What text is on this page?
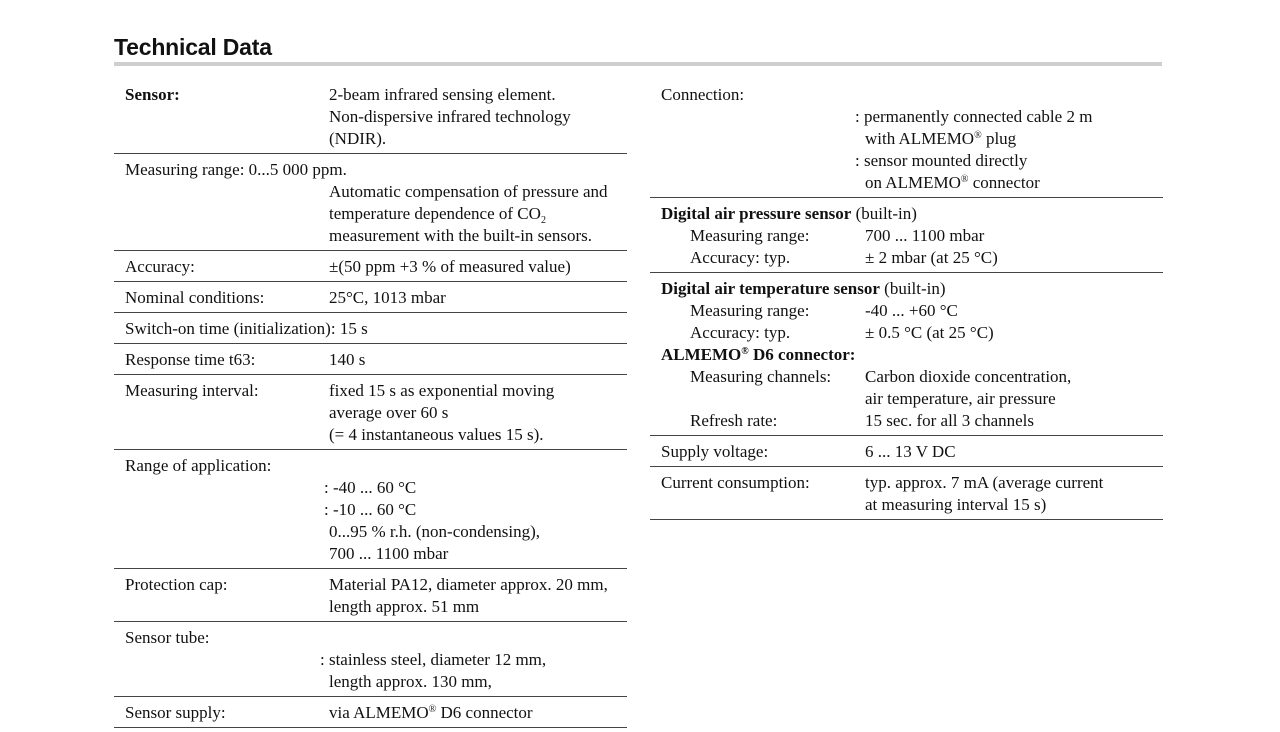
Technical Data
Sensor:	2-beam infrared sensing element.
Non-dispersive infrared technology
(NDIR).
Measuring range: 0...5 000 ppm.
Automatic compensation of pressure and
temperature dependence of $CO_2$
measurement with the built-in sensors.
Accuracy:	±(50 ppm +3 % of measured value)
Nominal conditions:	25°C, 1013 mbar
Switch-on time (initialization): 15 s
Response time t63:	140 s
Measuring interval:	fixed 15 s as exponential moving
average over 60 s
(= 4 instantaneous values 15 s).
Range of application:
: -40 ... 60 °C
: -10 ... 60 °C
0...95 % r.h. (non-condensing),
700 ... 1100 mbar
Protection cap:	Material PA12, diameter approx. 20 mm,
length approx. 51 mm
Sensor tube:
: stainless steel, diameter 12 mm,
length approx. 130 mm,
Sensor supply:	via ALMEMO® D6 connector
Connection:
: permanently connected cable 2 m
with ALMEMO® plug
: sensor mounted directly
on ALMEMO® connector
Digital air pressure sensor (built-in)
Measuring range:	700 ... 1100 mbar
Accuracy: typ.	± 2 mbar (at 25 °C)
Digital air temperature sensor (built-in)
Measuring range:	-40 ... +60 °C
Accuracy: typ.	± 0.5 °C (at 25 °C)
ALMEMO® D6 connector:
Measuring channels: Carbon dioxide concentration,
air temperature, air pressure
Refresh rate:	15 sec. for all 3 channels
Supply voltage:	6 ... 13 V DC
Current consumption:	typ. approx. 7 mA (average current
at measuring interval 15 s)
